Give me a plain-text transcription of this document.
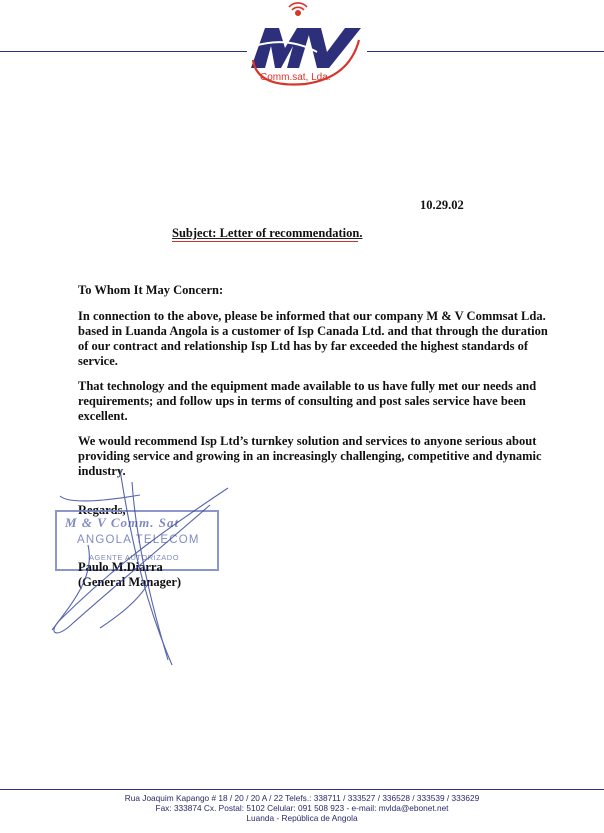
Comm.sat, Lda.
10.29.02
Subject: Letter of recommendation.
To Whom It May Concern:
In connection to the above, please be informed that our company M & V Commsat Lda. based in Luanda Angola is a customer of Isp Canada Ltd. and that through the duration of our contract and relationship Isp Ltd has by far exceeded the highest standards of service.
That technology and the equipment made available to us have fully met our needs and requirements; and follow ups in terms of consulting and post sales service have been excellent.
We would recommend Isp Ltd’s turnkey solution and services to anyone serious about providing service and growing in an increasingly challenging, competitive and dynamic industry.
Regards,
M & V Comm. Sat
ANGOLA TELECOM
AGENTE AUTORIZADO
Paulo M.Diarra
(General Manager)
Rua Joaquim Kapango # 18 / 20 / 20 A / 22 Telefs.: 338711 / 333527 / 336528 / 333539 / 333629
Fax: 333874 Cx. Postal: 5102 Celular: 091 508 923 - e-mail: mvlda@ebonet.net
Luanda - República de Angola
